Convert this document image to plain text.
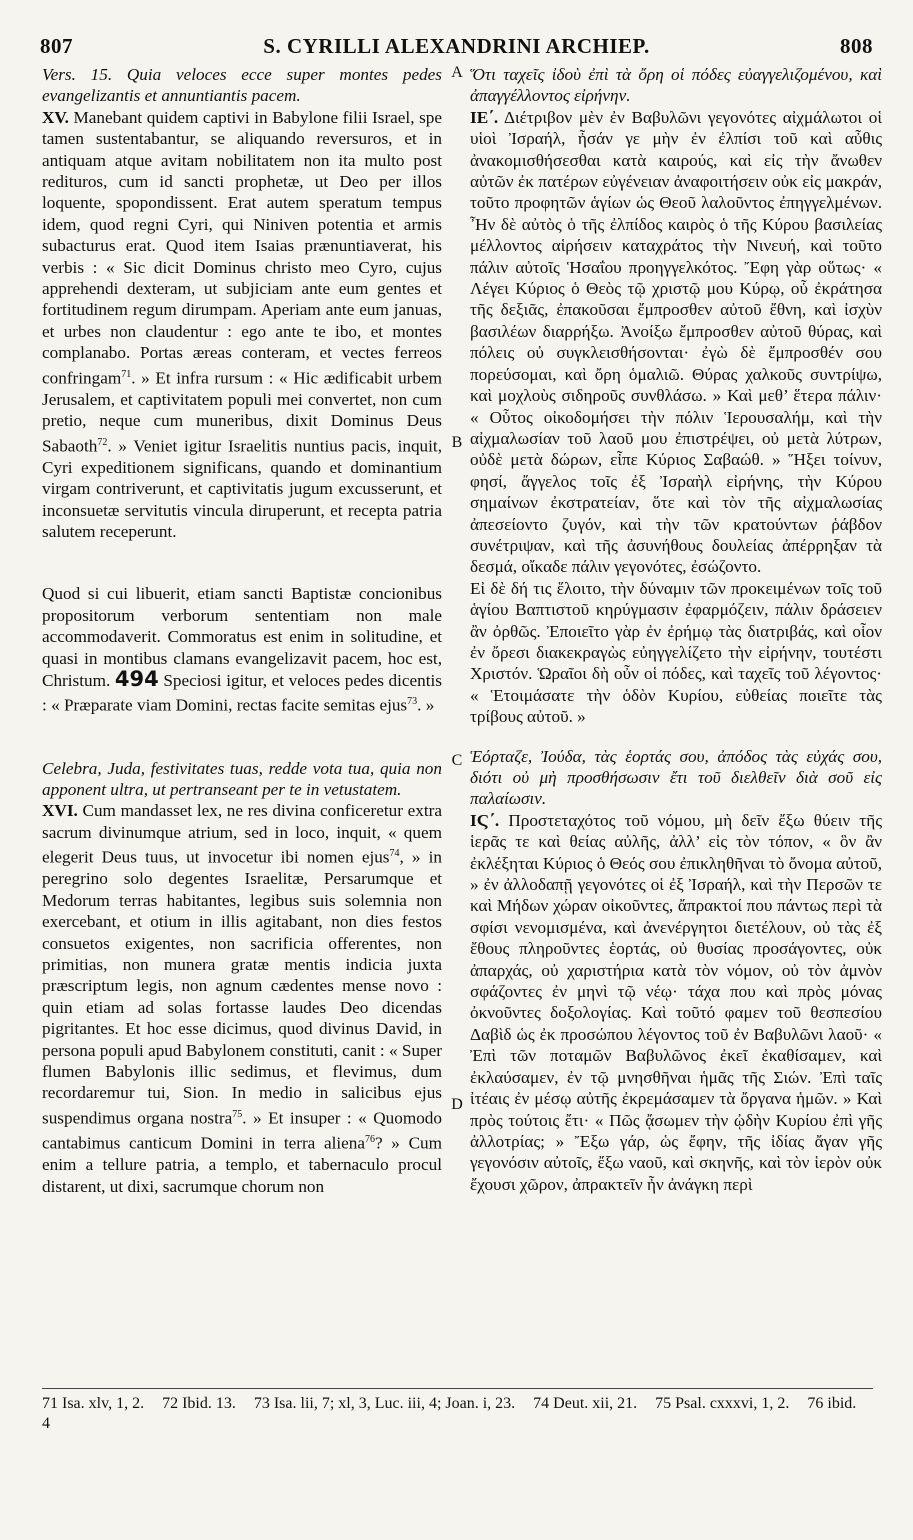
807	S. CYRILLI ALEXANDRINI ARCHIEP.	808

Vers. 15. Quia veloces ecce super montes pedes evangelizantis et annuntiantis pacem.

XV. Manebant quidem captivi in Babylone filii Israel, spe tamen sustentabantur, se aliquando reversuros, et in antiquam atque avitam nobilitatem non ita multo post redituros, cum id sancti prophetæ, ut Deo per illos loquente, spopondissent. Erat autem speratum tempus idem, quod regni Cyri, qui Niniven potentia et armis subacturus erat. Quod item Isaias prænuntiaverat, his verbis : « Sic dicit Dominus christo meo Cyro, cujus apprehendi dexteram, ut subjiciam ante eum gentes et fortitudinem regum dirumpam. Aperiam ante eum januas, et urbes non claudentur : ego ante te ibo, et montes complanabo. Portas æreas conteram, et vectes ferreos confringam$^{71}$. » Et infra rursum : « Hic ædificabit urbem Jerusalem, et captivitatem populi mei convertet, non cum pretio, neque cum muneribus, dixit Dominus Deus Sabaoth$^{72}$. » Veniet igitur Israelitis nuntius pacis, inquit, Cyri expeditionem significans, quando et dominantium virgam contriverunt, et captivitatis jugum excusserunt, et inconsuetæ servitutis vincula diruperunt, et recepta patria salutem receperunt.

Quod si cui libuerit, etiam sancti Baptistæ concionibus propositorum verborum sententiam non male accommodaverit. Commoratus est enim in solitudine, et quasi in montibus clamans evangelizavit pacem, hoc est, Christum. 494 Speciosi igitur, et veloces pedes dicentis : « Præparate viam Domini, rectas facite semitas ejus$^{73}$. »

Celebra, Juda, festivitates tuas, redde vota tua, quia non apponent ultra, ut pertranseant per te in vetustatem.

XVI. Cum mandasset lex, ne res divina conficeretur extra sacrum divinumque atrium, sed in loco, inquit, « quem elegerit Deus tuus, ut invocetur ibi nomen ejus$^{74}$, » in peregrino solo degentes Israelitæ, Persarumque et Medorum terras habitantes, legibus suis solemnia non exercebant, et otium in illis agitabant, non dies festos consuetos exigentes, non sacrificia offerentes, non primitias, non munera gratæ mentis indicia juxta præscriptum legis, non agnum cædentes mense novo : quin etiam ad solas fortasse laudes Deo dicendas pigritantes. Et hoc esse dicimus, quod divinus David, in persona populi apud Babylonem constituti, canit : « Super flumen Babylonis illic sedimus, et flevimus, dum recordaremur tui, Sion. In medio in salicibus ejus suspendimus organa nostra$^{75}$. » Et insuper : « Quomodo cantabimus canticum Domini in terra aliena$^{76}$? » Cum enim a tellure patria, a templo, et tabernaculo procul distarent, ut dixi, sacrumque chorum non

A
B
C
D

Ὅτι ταχεῖς ἰδοὺ ἐπὶ τὰ ὄρη οἱ πόδες εὐαγγελιζομένου, καὶ ἀπαγγέλλοντος εἰρήνην.

ΙΕ΄. Διέτριβον μὲν ἐν Βαβυλῶνι γεγονότες αἰχμάλωτοι οἱ υἱοὶ Ἰσραήλ, ἦσάν γε μὴν ἐν ἐλπίσι τοῦ καὶ αὖθις ἀνακομισθήσεσθαι κατὰ καιρούς, καὶ εἰς τὴν ἄνωθεν αὐτῶν ἐκ πατέρων εὐγένειαν ἀναφοιτήσειν οὐκ εἰς μακράν, τοῦτο προφητῶν ἁγίων ὡς Θεοῦ λαλοῦντος ἐπηγγελμένων. Ἦν δὲ αὐτὸς ὁ τῆς ἐλπίδος καιρὸς ὁ τῆς Κύρου βασιλείας μέλλοντος αἱρήσειν καταχράτος τὴν Νινευή, καὶ τοῦτο πάλιν αὐτοῖς Ἡσαΐου προηγγελκότος. Ἔφη γὰρ οὕτως· « Λέγει Κύριος ὁ Θεὸς τῷ χριστῷ μου Κύρῳ, οὗ ἐκράτησα τῆς δεξιᾶς, ἐπακοῦσαι ἔμπροσθεν αὐτοῦ ἔθνη, καὶ ἰσχὺν βασιλέων διαρρήξω. Ἀνοίξω ἔμπροσθεν αὐτοῦ θύρας, καὶ πόλεις οὐ συγκλεισθήσονται· ἐγὼ δὲ ἔμπροσθέν σου πορεύσομαι, καὶ ὄρη ὁμαλιῶ. Θύρας χαλκοῦς συντρίψω, καὶ μοχλοὺς σιδηροῦς συνθλάσω. » Καὶ μεθ’ ἕτερα πάλιν· « Οὗτος οἰκοδομήσει τὴν πόλιν Ἱερουσαλήμ, καὶ τὴν αἰχμαλωσίαν τοῦ λαοῦ μου ἐπιστρέψει, οὐ μετὰ λύτρων, οὐδὲ μετὰ δώρων, εἶπε Κύριος Σαβαώθ. » Ἥξει τοίνυν, φησί, ἄγγελος τοῖς ἐξ Ἰσραὴλ εἰρήνης, τὴν Κύρου σημαίνων ἐκστρατείαν, ὅτε καὶ τὸν τῆς αἰχμαλωσίας ἀπεσείοντο ζυγόν, καὶ τὴν τῶν κρατούντων ῥάβδον συνέτριψαν, καὶ τῆς ἀσυνήθους δουλείας ἀπέρρηξαν τὰ δεσμά, οἴκαδε πάλιν γεγονότες, ἐσώζοντο.

Εἰ δὲ δή τις ἕλοιτο, τὴν δύναμιν τῶν προκειμένων τοῖς τοῦ ἁγίου Βαπτιστοῦ κηρύγμασιν ἐφαρμόζειν, πάλιν δράσειεν ἂν ὀρθῶς. Ἐποιεῖτο γὰρ ἐν ἐρήμῳ τὰς διατριβάς, καὶ οἷον ἐν ὄρεσι διακεκραγὼς εὐηγγελίζετο τὴν εἰρήνην, τουτέστι Χριστόν. Ὡραῖοι δὴ οὖν οἱ πόδες, καὶ ταχεῖς τοῦ λέγοντος· « Ἑτοιμάσατε τὴν ὁδὸν Κυρίου, εὐθείας ποιεῖτε τὰς τρίβους αὐτοῦ. »

Ἑόρταζε, Ἰούδα, τὰς ἑορτάς σου, ἀπόδος τὰς εὐχάς σου, διότι οὐ μὴ προσθήσωσιν ἔτι τοῦ διελθεῖν διὰ σοῦ εἰς παλαίωσιν.

ΙϚ΄. Προστεταχότος τοῦ νόμου, μὴ δεῖν ἔξω θύειν τῆς ἱερᾶς τε καὶ θείας αὐλῆς, ἀλλ’ εἰς τὸν τόπον, « ὃν ἂν ἐκλέξηται Κύριος ὁ Θεός σου ἐπικληθῆναι τὸ ὄνομα αὐτοῦ, » ἐν ἀλλοδαπῇ γεγονότες οἱ ἐξ Ἰσραήλ, καὶ τὴν Περσῶν τε καὶ Μήδων χώραν οἰκοῦντες, ἄπρακτοί που πάντως περὶ τὰ σφίσι νενομισμένα, καὶ ἀνενέργητοι διετέλουν, οὐ τὰς ἐξ ἔθους πληροῦντες ἑορτάς, οὐ θυσίας προσάγοντες, οὐκ ἀπαρχάς, οὐ χαριστήρια κατὰ τὸν νόμον, οὐ τὸν ἀμνὸν σφάζοντες ἐν μηνὶ τῷ νέῳ· τάχα που καὶ πρὸς μόνας ὀκνοῦντες δοξολογίας. Καὶ τοῦτό φαμεν τοῦ θεσπεσίου Δαβὶδ ὡς ἐκ προσώπου λέγοντος τοῦ ἐν Βαβυλῶνι λαοῦ· « Ἐπὶ τῶν ποταμῶν Βαβυλῶνος ἐκεῖ ἐκαθίσαμεν, καὶ ἐκλαύσαμεν, ἐν τῷ μνησθῆναι ἡμᾶς τῆς Σιών. Ἐπὶ ταῖς ἰτέαις ἐν μέσῳ αὐτῆς ἐκρεμάσαμεν τὰ ὄργανα ἡμῶν. » Καὶ πρὸς τούτοις ἔτι· « Πῶς ᾄσωμεν τὴν ᾠδὴν Κυρίου ἐπὶ γῆς ἀλλοτρίας; » Ἔξω γάρ, ὡς ἔφην, τῆς ἰδίας ἄγαν γῆς γεγονόσιν αὐτοῖς, ἔξω ναοῦ, καὶ σκηνῆς, καὶ τὸν ἱερὸν οὐκ ἔχουσι χῶρον, ἀπρακτεῖν ἦν ἀνάγκη περὶ

71 Isa. xlv, 1, 2. 72 Ibid. 13. 73 Isa. lii, 7; xl, 3, Luc. iii, 4; Joan. i, 23. 74 Deut. xii, 21. 75 Psal. cxxxvi, 1, 2. 76 ibid. 4
